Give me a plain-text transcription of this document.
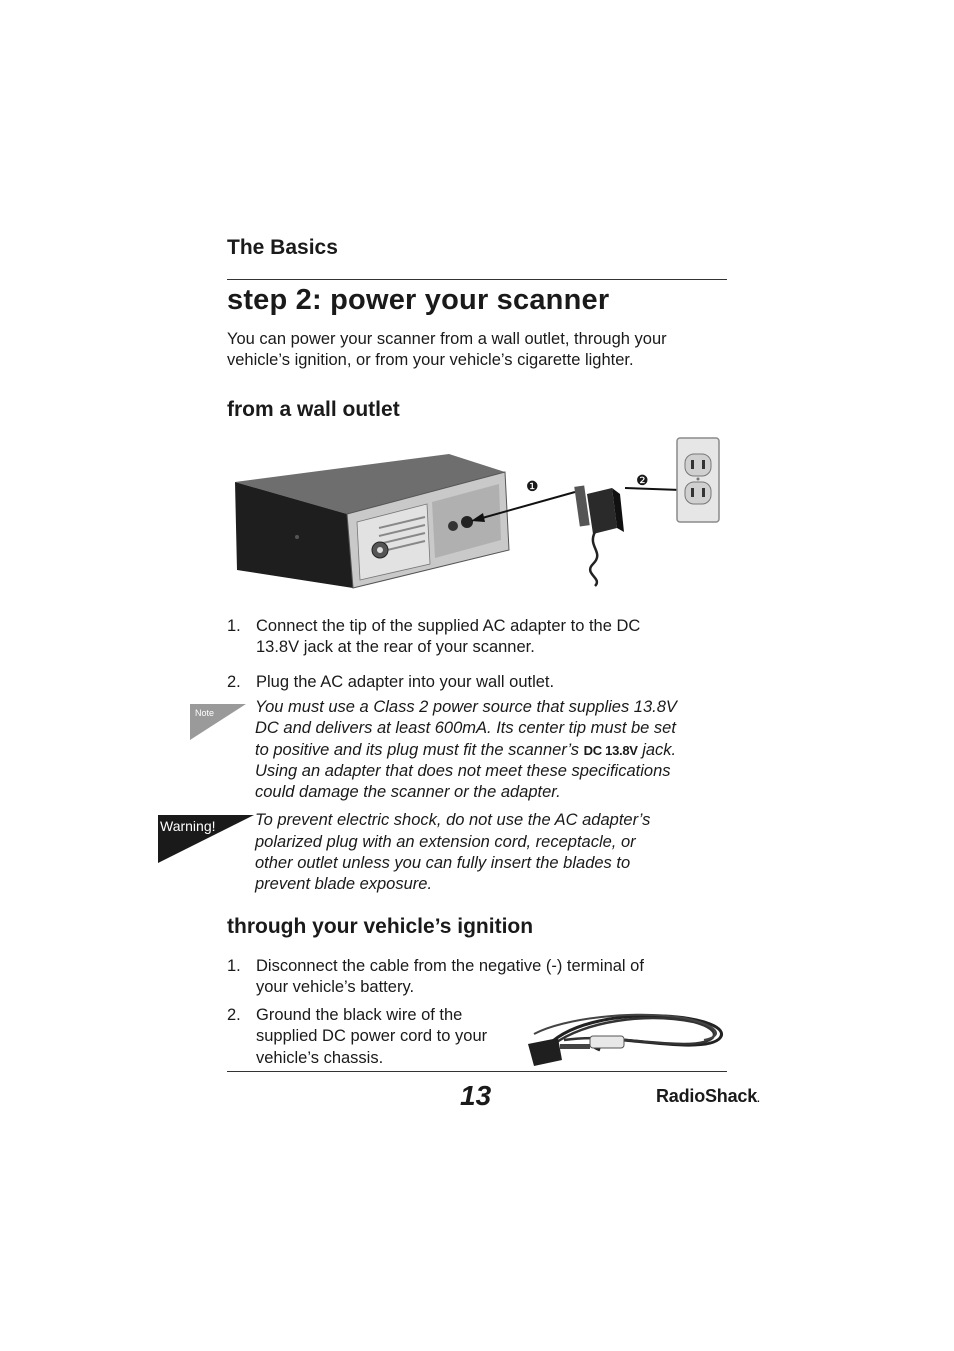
The Basics
step 2: power your scanner
You can power your scanner from a wall outlet, through your
vehicle’s ignition, or from your vehicle’s cigarette lighter.
from a wall outlet
❶	❷
1. Connect the tip of the supplied AC adapter to the DC
13.8V jack at the rear of your scanner.
2. Plug the AC adapter into your wall outlet.
Note You must use a Class 2 power source that supplies 13.8V
DC and delivers at least 600mA. Its center tip must be set
to positive and its plug must fit the scanner’s DC 13.8V jack.
Using an adapter that does not meet these specifications
could damage the scanner or the adapter.
Warning! To prevent electric shock, do not use the AC adapter’s
polarized plug with an extension cord, receptacle, or
other outlet unless you can fully insert the blades to
prevent blade exposure.
through your vehicle’s ignition
1. Disconnect the cable from the negative (-) terminal of
your vehicle’s battery.
2. Ground the black wire of the
supplied DC power cord to your
vehicle’s chassis.
13	RadioShack.
